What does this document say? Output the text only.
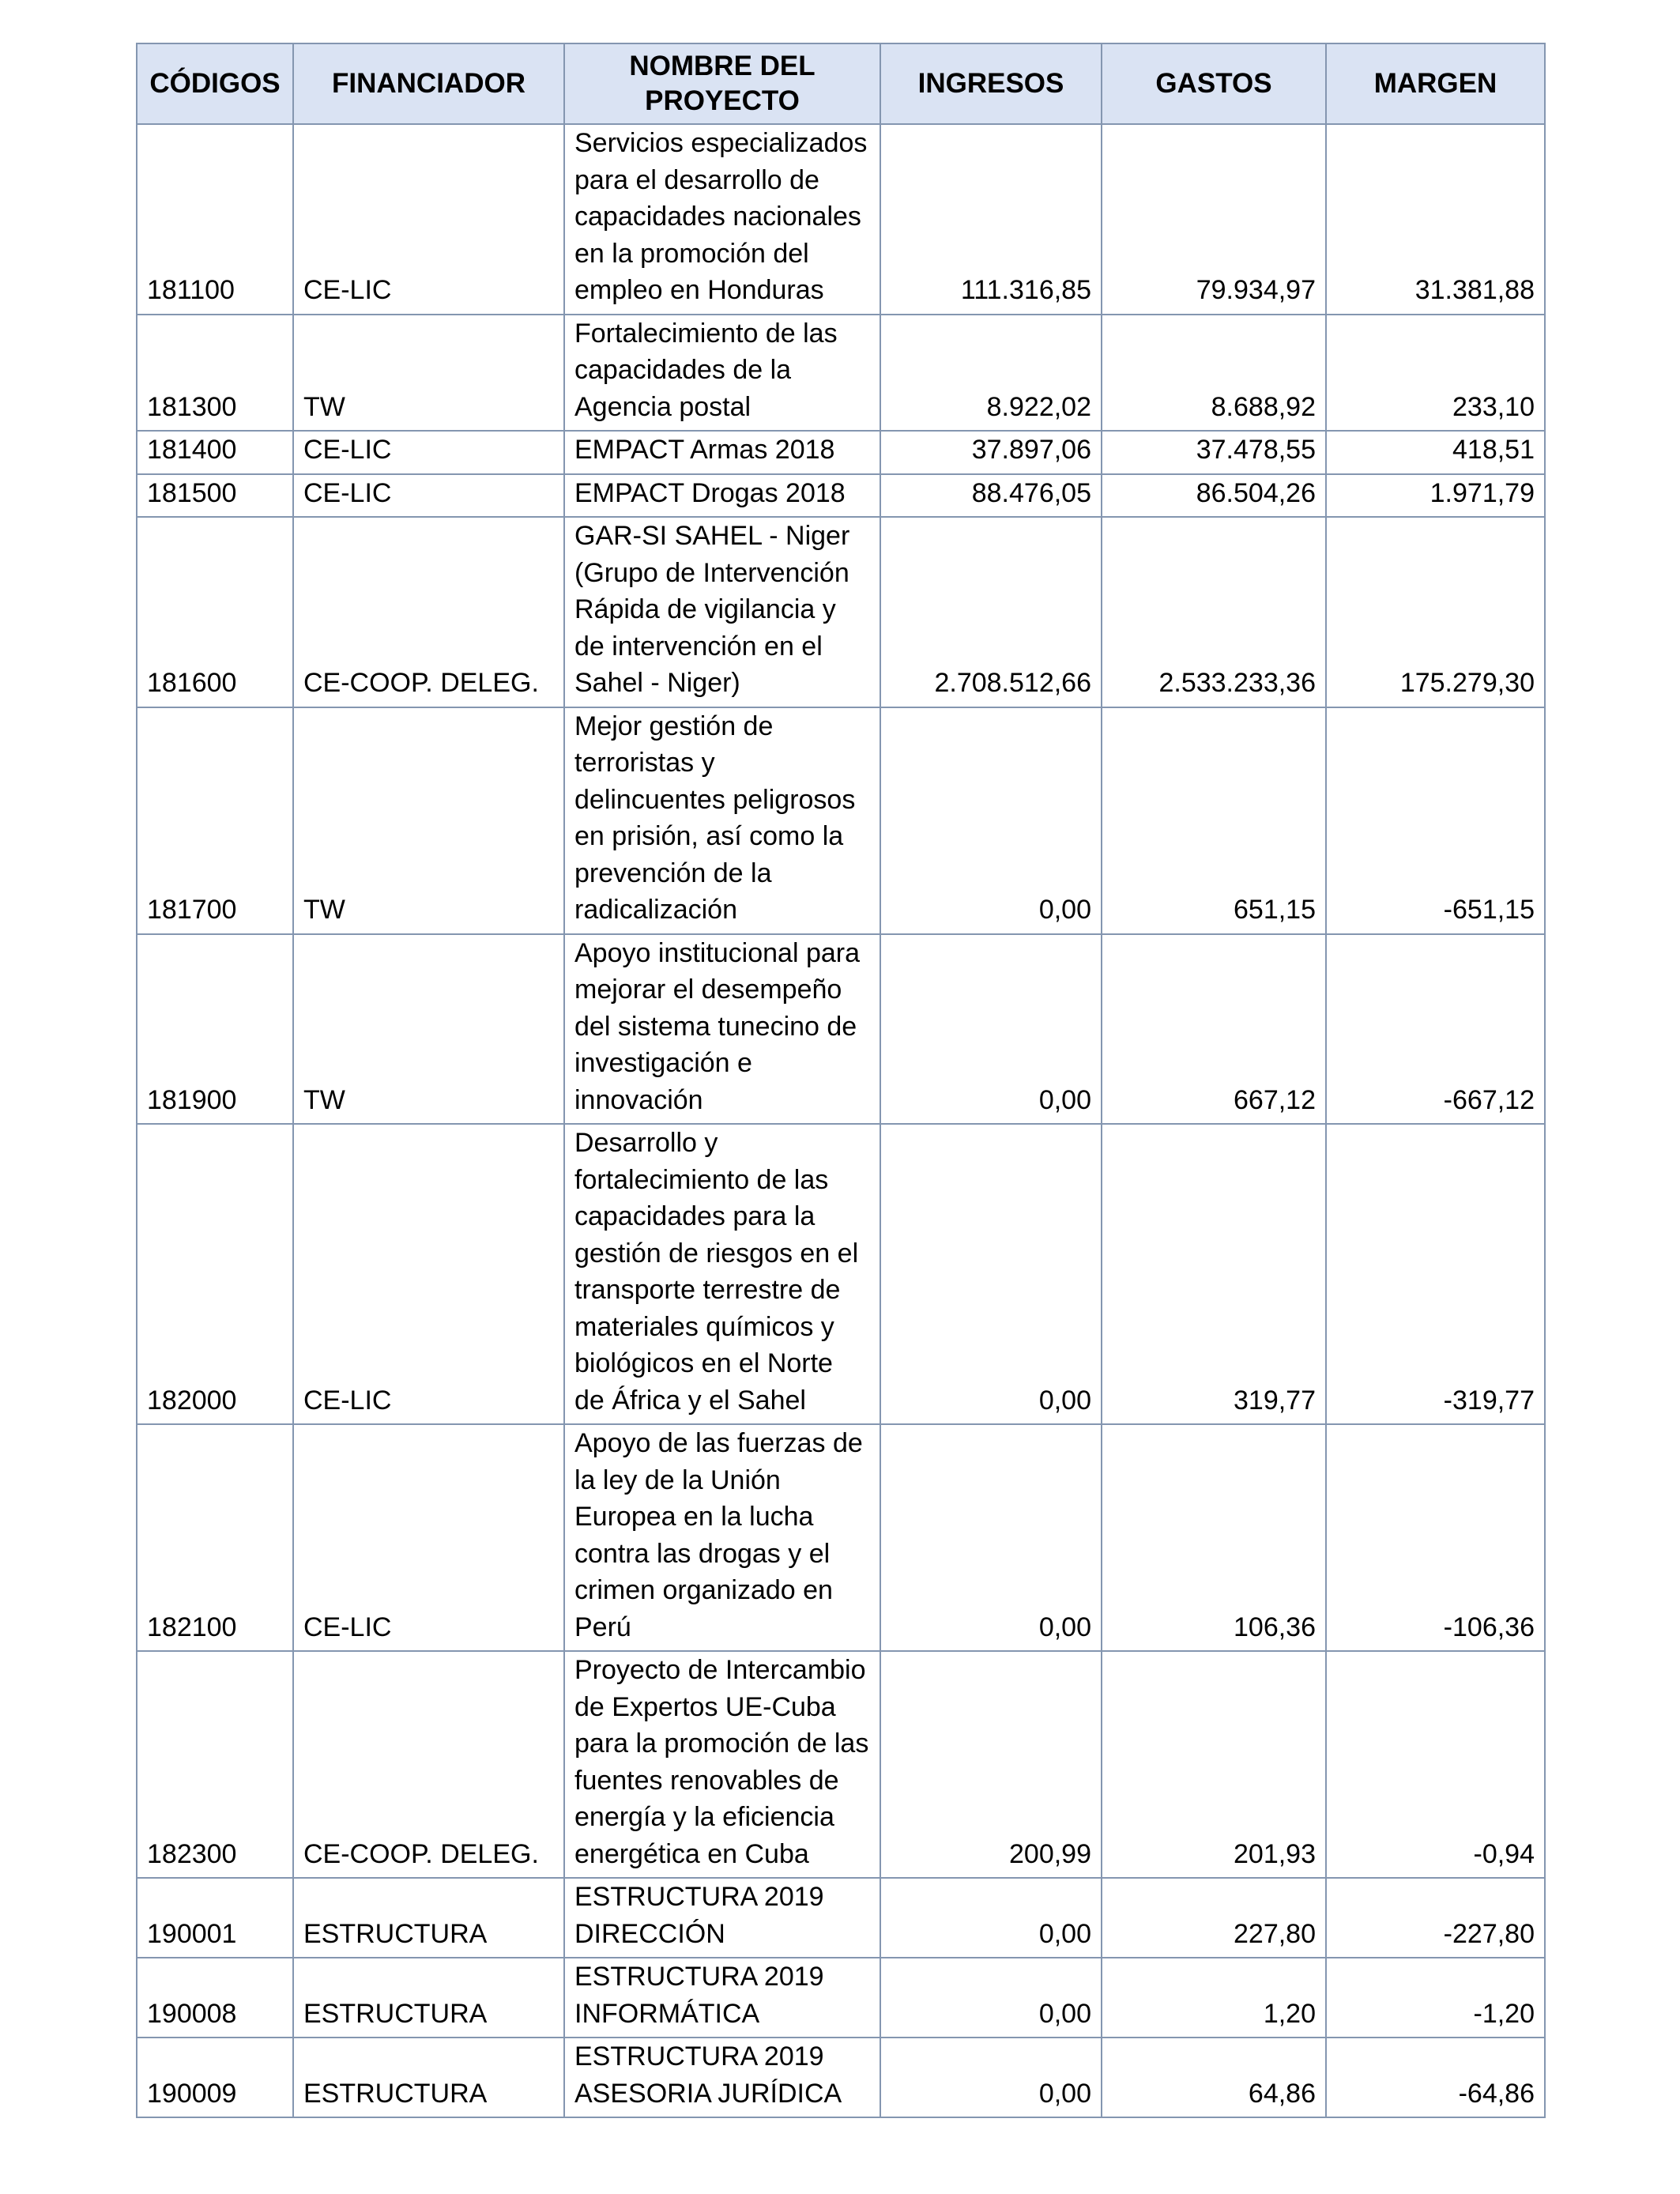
CÓDIGOS	FINANCIADOR	NOMBRE DEL PROYECTO	INGRESOS	GASTOS	MARGEN
181100	CE-LIC	Servicios especializados para el desarrollo de capacidades nacionales en la promoción del empleo en Honduras	111.316,85	79.934,97	31.381,88
181300	TW	Fortalecimiento de las capacidades de la Agencia postal	8.922,02	8.688,92	233,10
181400	CE-LIC	EMPACT Armas 2018	37.897,06	37.478,55	418,51
181500	CE-LIC	EMPACT Drogas 2018	88.476,05	86.504,26	1.971,79
181600	CE-COOP. DELEG.	GAR-SI SAHEL - Niger (Grupo de Intervención Rápida de vigilancia y de intervención en el Sahel - Niger)	2.708.512,66	2.533.233,36	175.279,30
181700	TW	Mejor gestión de terroristas y delincuentes peligrosos en prisión, así como la prevención de la radicalización	0,00	651,15	-651,15
181900	TW	Apoyo institucional para mejorar el desempeño del sistema tunecino de investigación e innovación	0,00	667,12	-667,12
182000	CE-LIC	Desarrollo y fortalecimiento de las capacidades para la gestión de riesgos en el transporte terrestre de materiales químicos y biológicos en el Norte de África y el Sahel	0,00	319,77	-319,77
182100	CE-LIC	Apoyo de las fuerzas de la ley de la Unión Europea en la lucha contra las drogas y el crimen organizado en Perú	0,00	106,36	-106,36
182300	CE-COOP. DELEG.	Proyecto de Intercambio de Expertos UE-Cuba para la promoción de las fuentes renovables de energía y la eficiencia energética en Cuba	200,99	201,93	-0,94
190001	ESTRUCTURA	ESTRUCTURA 2019 DIRECCIÓN	0,00	227,80	-227,80
190008	ESTRUCTURA	ESTRUCTURA 2019 INFORMÁTICA	0,00	1,20	-1,20
190009	ESTRUCTURA	ESTRUCTURA 2019 ASESORIA JURÍDICA	0,00	64,86	-64,86
